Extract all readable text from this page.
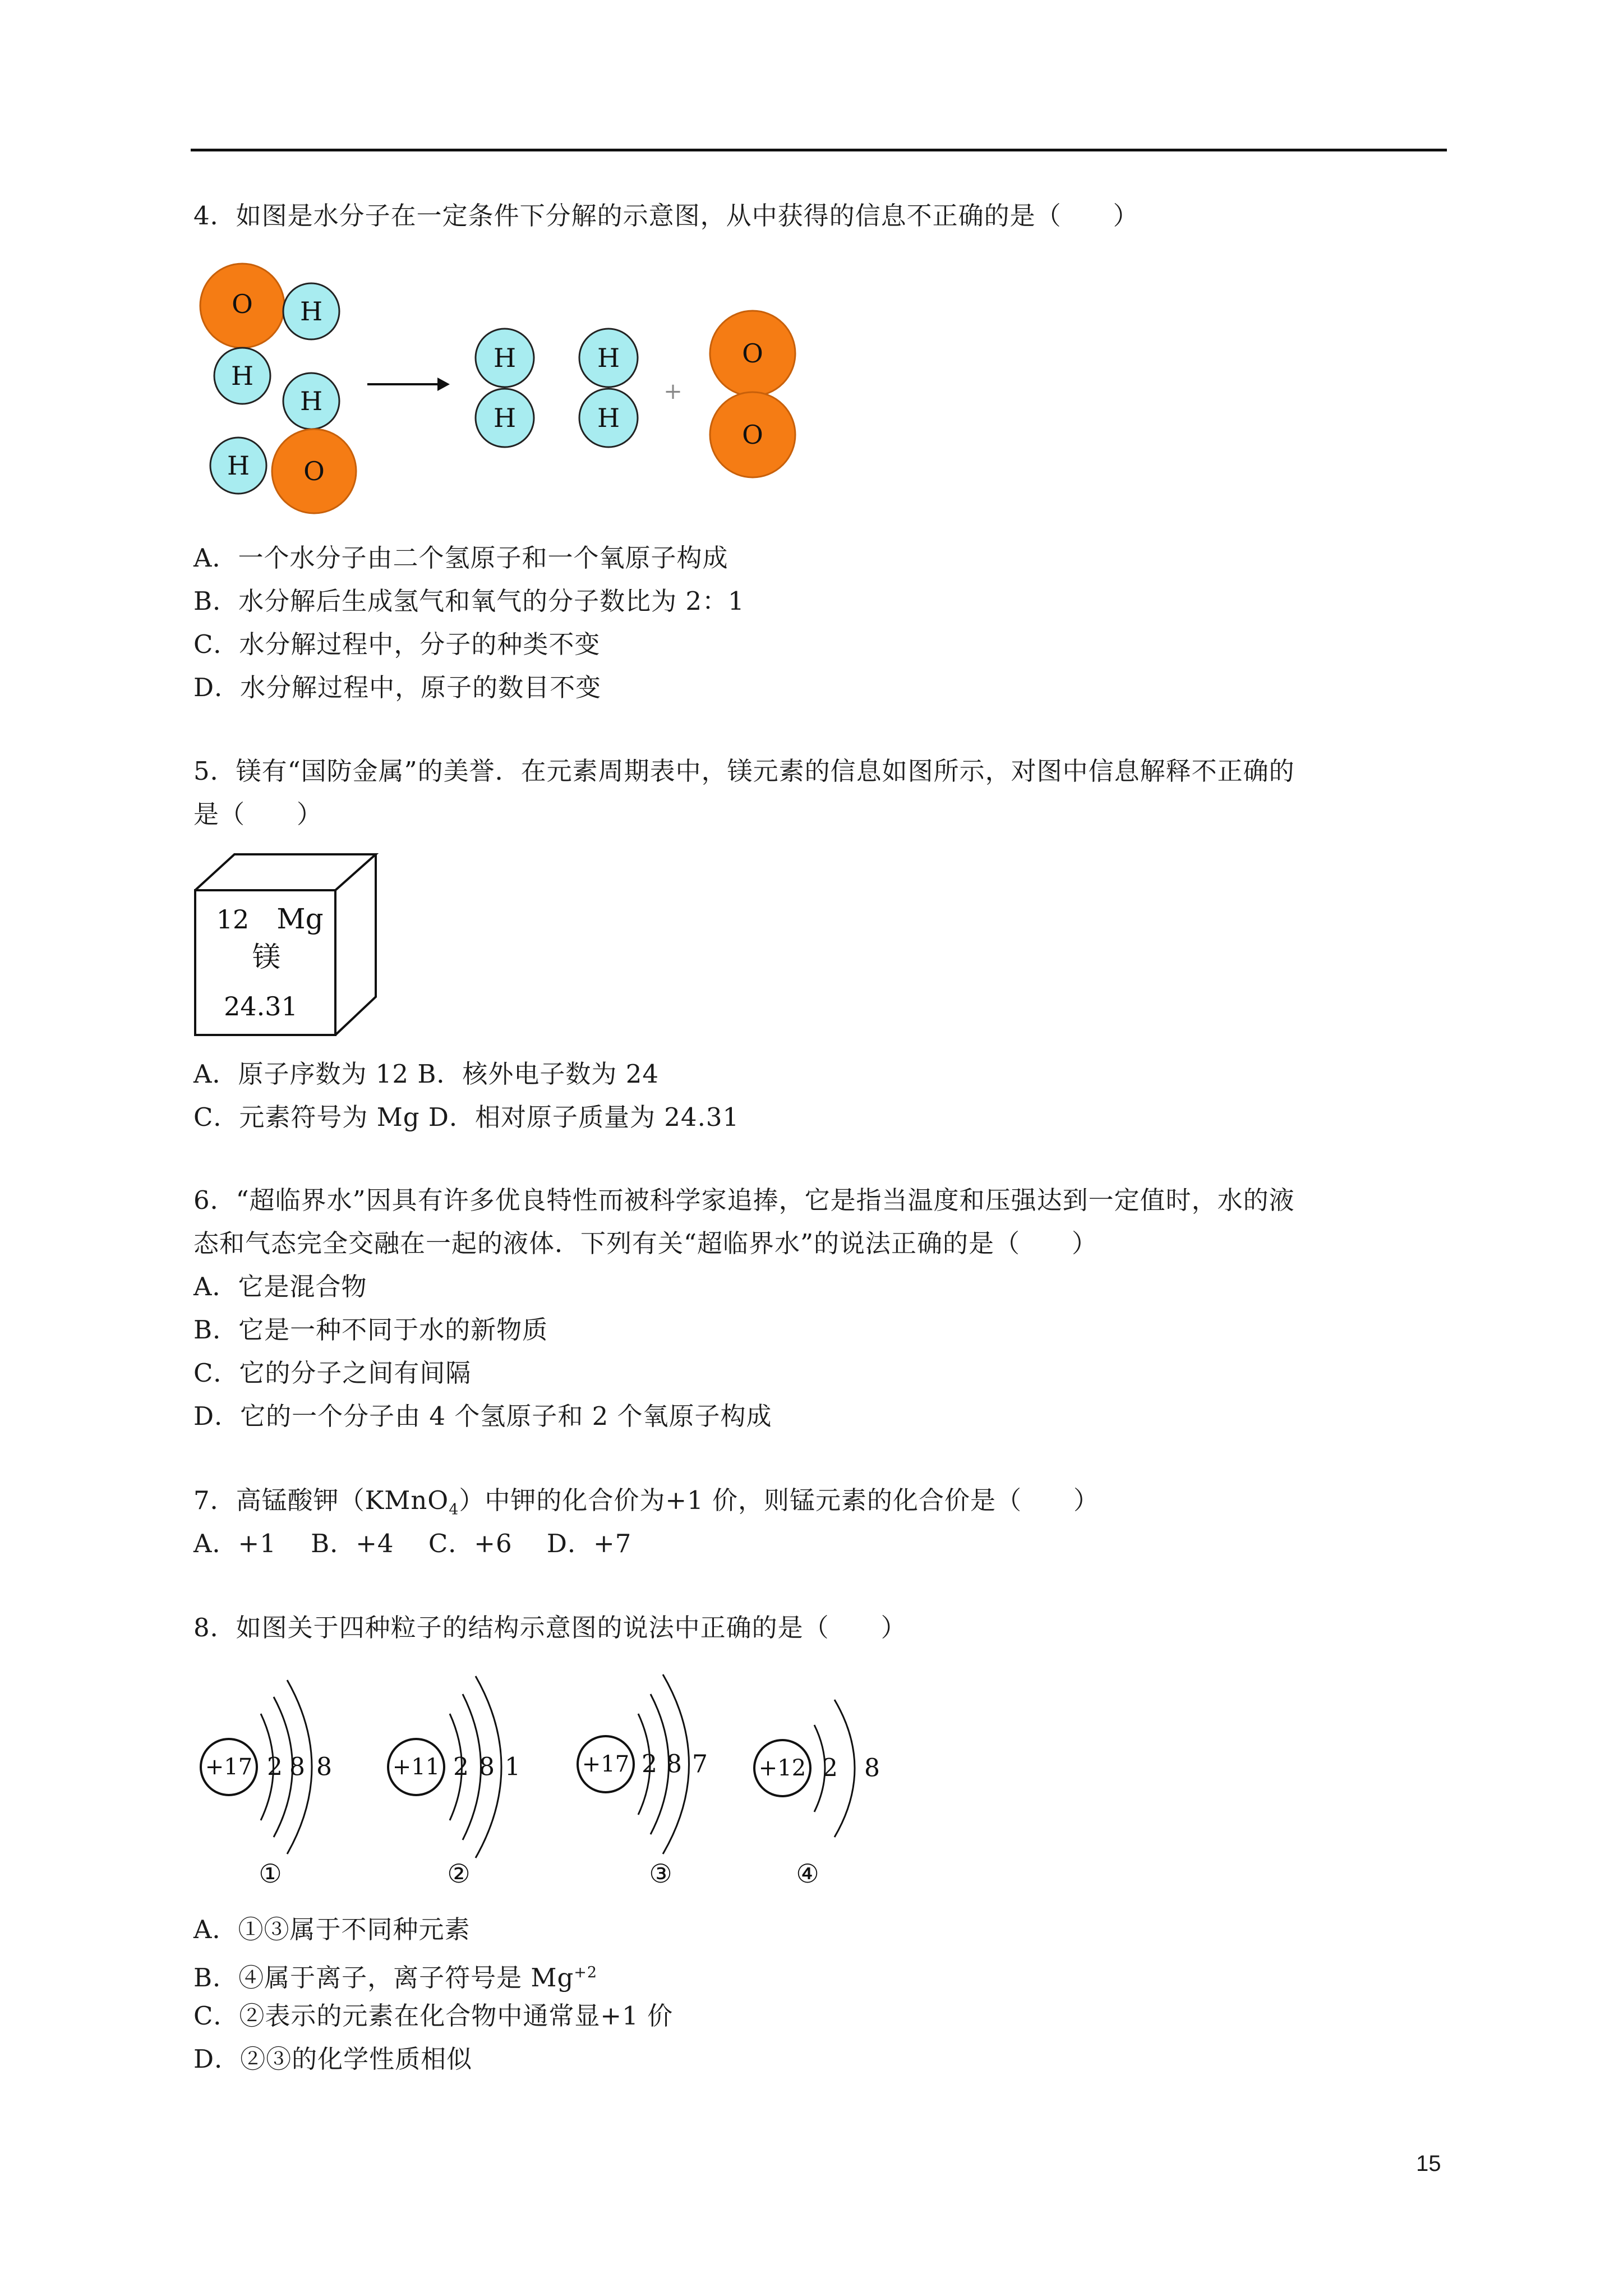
4．如图是水分子在一定条件下分解的示意图，从中获得的信息不正确的是（　　）
O H
H
H
H O
H
H
H
H
+
O
O
A．一个水分子由二个氢原子和一个氧原子构成
B．水分解后生成氢气和氧气的分子数比为 2：1
C．水分解过程中，分子的种类不变
D．水分解过程中，原子的数目不变
5．镁有“国防金属”的美誉．在元素周期表中，镁元素的信息如图所示，对图中信息解释不正确的
是（　　）
12 Mg
镁
24.31
A．原子序数为 12 B．核外电子数为 24
C．元素符号为 Mg D．相对原子质量为 24.31
6．“超临界水”因具有许多优良特性而被科学家追捧，它是指当温度和压强达到一定值时，水的液
态和气态完全交融在一起的液体．下列有关“超临界水”的说法正确的是（　　）
A．它是混合物
B．它是一种不同于水的新物质
C．它的分子之间有间隔
D．它的一个分子由 4 个氢原子和 2 个氧原子构成
7．高锰酸钾（KMnO$_4$）中钾的化合价为+1 价，则锰元素的化合价是（　　）
A．+1　 B．+4　 C．+6　 D．+7
8．如图关于四种粒子的结构示意图的说法中正确的是（　　）
+17 2 8 8
①
+11 2 8 1
②
+17 2 8 7
③
+12 2 8
④
A．①③属于不同种元素
B．④属于离子，离子符号是 $Mg^{+2}$
C．②表示的元素在化合物中通常显+1 价
D．②③的化学性质相似
15
